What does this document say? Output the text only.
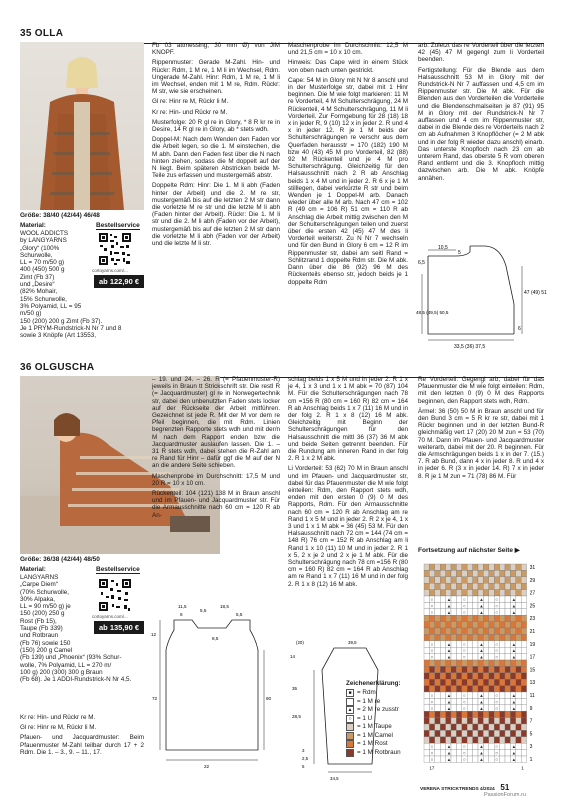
35 OLLA
Größe: 38/40 (42/44) 46/48
Material:	Bestellservice

WOOL ADDICTS

by LANGYARNS

„Glory“ (100%

Schurwolle,

LL = 70 m/50 g)

400 (450) 500 g

Zimt (Fb 37)

und „Desire“

(82% Mohair,

15% Schurwolle,

3% Polyamid, LL = 95 m/50 g)

150 (200) 200 g Zimt (Fb 37).

Je 1 PRYM-Rundstrick-N Nr 7 und 8

sowie 3 Knöpfe (Art 13553,

cortoyarns.com/...
ab 122,90 €

Fb 03 attmessing, 30 mm Ø) von JIM KNOPF.

Rippenmuster: Gerade M-Zahl. Hin- und Rückr: Rdm, 1 M re, 1 M li im Wechsel, Rdm. Ungerade M-Zahl. Hinr: Rdm, 1 M re, 1 M li im Wechsel, enden mit 1 M re, Rdm. Rückr: M str, wie sie erscheinen.

Gl re: Hinr re M, Rückr li M.

Kr re: Hin- und Rückr re M.

Musterfolge: 20 R gl re in Glory, * 8 R kr re in Desire, 14 R gl re in Glory, ab * stets wdh.

Doppel-M: Nach dem Wenden den Faden vor die Arbeit legen, so die 1. M einstechen, die M abh. Dann den Faden fest über die N nach hinten ziehen, sodass die M doppelt auf der N liegt. Beim späteren Abstricken beide M-Teile zus erfassen und mustergemäß abstr.

Doppelte Rdm: Hinr: Die 1. M li abh (Faden hinter der Arbeit) und die 2. M re str, mustergemäß bis auf die letzten 2 M str dann die vorletzte M re str und die letzte M li abh (Faden hinter der Arbeit). Rückr: Die 1. M li str und die 2. M li abh (Faden vor der Arbeit), mustergemäß bis auf die letzten 2 M str dann die vorletzte M li abh (Faden vor der Arbeit) und die letzte M li str.

Maschenprobe im Durchschnitt: 12,5 M und 21,5 cm = 10 x 10 cm.

Hinweis: Das Cape wird in einem Stück von oben nach unten gestrickt.

Cape: 54 M in Glory mit N Nr 8 anschl und in der Musterfolge str, dabei mit 1 Hinr beginnen. Die M wie folgt markieren: 11 M re Vorderteil, 4 M Schulterschrägung, 24 M Rückenteil, 4 M Schulterschrägung, 11 M li Vorderteil. Zur Formgebung für 28 (18) 18 x in jeder R, 9 (10) 12 x in jeder 2. R und 4 x in jeder 12. R je 1 M beids der Schulterschrägungen re verschr aus dem Querfaden herausstr = 170 (182) 190 M bzw 40 (43) 45 M pro Vorderteil, 82 (88) 92 M Rückenteil und je 4 M pro Schulterschrägung. Gleichzeitig für den Halsausschnitt nach 2 R ab Anschlag beids 1 x 4 M und in jeder 2. R 6 x je 1 M stilllegen, dabei verkürzte R str und beim Wenden je 1 Doppel-M arb. Danach wieder über alle M arb. Nach 47 cm = 102 R (49 cm = 106 R) 51 cm = 110 R ab Anschlag die Arbeit mittig zwischen den M der Schulterschrägungen teilen und zuerst über die ersten 42 (45) 47 M des li Vorderteil weiterstr. Zu N Nr 7 wechseln und für den Bund in Glory 6 cm = 12 R im Rippenmuster str, dabei am seitl Rand = Schlitzrand 1 doppelte Rdm str. Die M abk. Dann über die 86 (92) 96 M des Rückenteils ebenso str, jedoch beids je 1 doppelte Rdm

arb. Zuletzt das re Vorderteil über die letzten 42 (45) 47 M gegengl zum li Vorderteil beenden.

Fertigstellung: Für die Blende aus dem Halsausschnitt 53 M in Glory mit der Rundstrick-N Nr 7 auffassen und 4,5 cm im Rippenmuster str. Die M abk. Für die Blenden aus den Vorderteilen die Vorderteile und die Blendenschmalseiten je 87 (91) 95 M in Glory mit der Rundstrick-N Nr 7 auffassen und 4 cm im Rippenmuster str, dabei in die Blende des re Vorderteils nach 2 cm ab Aufnahmen 3 Knopflöcher (= 2 M abk und in der folg R wieder dazu anschl) einarb. Das unterste Knopfloch nach 23 cm ab unterem Rand, das oberste 5 R vom oberen Rand entfernt und die 3. Knopfloch mittig dazwischen arb. Die M abk. Knöpfe annähen.

10,5
5
6,5
47 (49) 51
48,5 (49,5) 50,5
6
33,5 (36) 37,5
36 OLGUSCHA
Größe: 36/38 (42/44) 48/50
Material:	Bestellservice

LANGYARNS

„Carpe Diem“

(70% Schurwolle,

30% Alpaka,

LL = 90 m/50 g) je

150 (200) 250 g

Rost (Fb 15),

Taupe (Fb 339)

und Rotbraun

(Fb 76) sowie 150

(150) 200 g Camel

(Fb 139) und „Phoenix“ (93% Schur-

wolle, 7% Polyamid, LL = 270 m/

100 g) 200 (300) 300 g Braun

(Fb 68). Je 1 ADDI-Rundstrick-N Nr 4,5.

cortoyarns.com/...
ab 135,90 €

Kr re: Hin- und Rückr re M.

Gl re: Hinr re M, Rückr li M.

Pfauen- und Jacquardmuster: Beim Pfauenmuster M-Zahl teilbar durch 17 + 2 Rdm. Die 1. – 3., 9. – 11., 17.

– 19. und 24. – 26. R (= Pfauenmuster-R) jeweils in Braun tt Strickschrift str. Die restl R (= Jacquardmuster) gl re in Norwegertechnik str, dabei den unbenutzten Faden stets locker auf der Rückseite der Arbeit mitführen. Gezeichnet ist jede R. Mit der M vor dem re Pfeil beginnen, die mit Rdm. Linien begrenzten Rapporte stets wdh und mit der/n M nach dem Rapport enden bzw die Jacquardmuster auslaufen lassen. Die 1. – 31 R stets wdh, dabei stehen die R-Zahl am re Rand für Hinr – dafür ggf die M auf der N an die andere Seite schieben.

Maschenprobe im Durchschnitt: 17,5 M und 20 R = 10 x 10 cm.

Rückenteil: 104 (121) 138 M in Braun anschl und im Pfauen- und Jacquardmuster str. Für die Armausschnitte nach 60 cm = 120 R ab An-

schlag beids 1 x 5 M und in jeder 2. R 1 x je 4, 1 x 3 und 1 x 1 M abk = 70 (87) 104 M. Für die Schulterschrägungen nach 78 cm =156 R (80 cm = 160 R) 82 cm = 164 R ab Anschlag beids 1 x 7 (11) 16 M und in der folg 2. R 1 x 8 (12) 16 M abk. Gleichzeitig mit Beginn der Schulterschrägungen für den Halsausschnitt die mittl 36 (37) 36 M abk und beide Seiten getrennt beenden. Für die Rundung am inneren Rand in der folg 2. R 1 x 2 M abk.

Li Vorderteil: 53 (62) 70 M in Braun anschl und im Pfauen- und Jacquardmuster str, dabei für das Pfauenmuster die M wie folgt einteilen: Rdm, den Rapport stets wdh, enden mit den ersten 0 (9) 0 M des Rapports, Rdm. Für den Armausschnitte nach 60 cm = 120 R ab Anschlag am re Rand 1 x 5 M und in jeder 2. R 2 x je 4, 1 x 3 und 1 x 1 M abk = 36 (45) 53 M. Für den Halsausschnitt nach 72 cm = 144 (74 cm = 148 R) 76 cm = 152 R ab Anschlag am li Rand 1 x 10 (11) 10 M und in jeder 2. R 1 x 5, 2 x je 2 und 2 x je 1 M abk. Für die Schulterschrägung nach 78 cm =156 R (80 cm = 160 R) 82 cm = 164 R ab Anschlag am re Rand 1 x 7 (11) 16 M und in der folg 2. R 1 x 8 (12) 16 M abk.

Re Vorderteil: Gegengl arb, dabei für das Pfauenmuster die M wie folgt einteilen: Rdm, mit den letzten 0 (9) 0 M des Rapports beginnen, den Rapport stets wdh, Rdm.

Ärmel: 36 (50) 50 M in Braun anschl und für den Bund 3 cm = 5 R kr re str, dabei mit 1 Rückr beginnen und in der letzten Bund-R gleichmäßig vert 17 (20) 20 M zun = 53 (70) 70 M. Dann im Pfauen- und Jacquardmuster weiterarb, dabei mit der 20. R beginnen. Für die Armschrägungen beids 1 x in der 7. (15.) 7. R ab Bund, dann 4 x in jeder 8. R und 4 x in jeder 6. R (3 x in jeder 14. R) 7 x in jeder 8. R je 1 M zun = 71 (78) 86 M. Für

5,5
6	5,5
11,5	18,5
8,5
12
72	60
22
14
35
28,5
34,5
39,5
(20)
6
2,5
3
Zeichenerklärung:
■ = Rdm
= 1 M re
▲ = 2 M re zusstr
○ = 1 U
= 1 M Taupe
= 1 M Camel
= 1 M Rost
= 1 M Rotbraun
Fortsetzung auf nächster Seite ▶
○	▲	○	▲	○	▲
○	▲	○	▲	○	▲
○	▲	○	▲	○	▲
○	▲	○	▲	○	▲
○	▲	○	▲	○	▲
○	▲	○	▲	○	▲
○	▲	○	▲	○	▲
○	▲	○	▲	○	▲
○	▲	○	▲	○	▲
○	▲	○	▲	○	▲
○	▲	○	▲	○	▲
○	▲	○	▲	○	▲
31
29
27
25
23
21
19
17
15
13
11
9
7
5
3
1
17	1
VERENA STRICKTRENDS 4/2024 51
PassionForum.ru
